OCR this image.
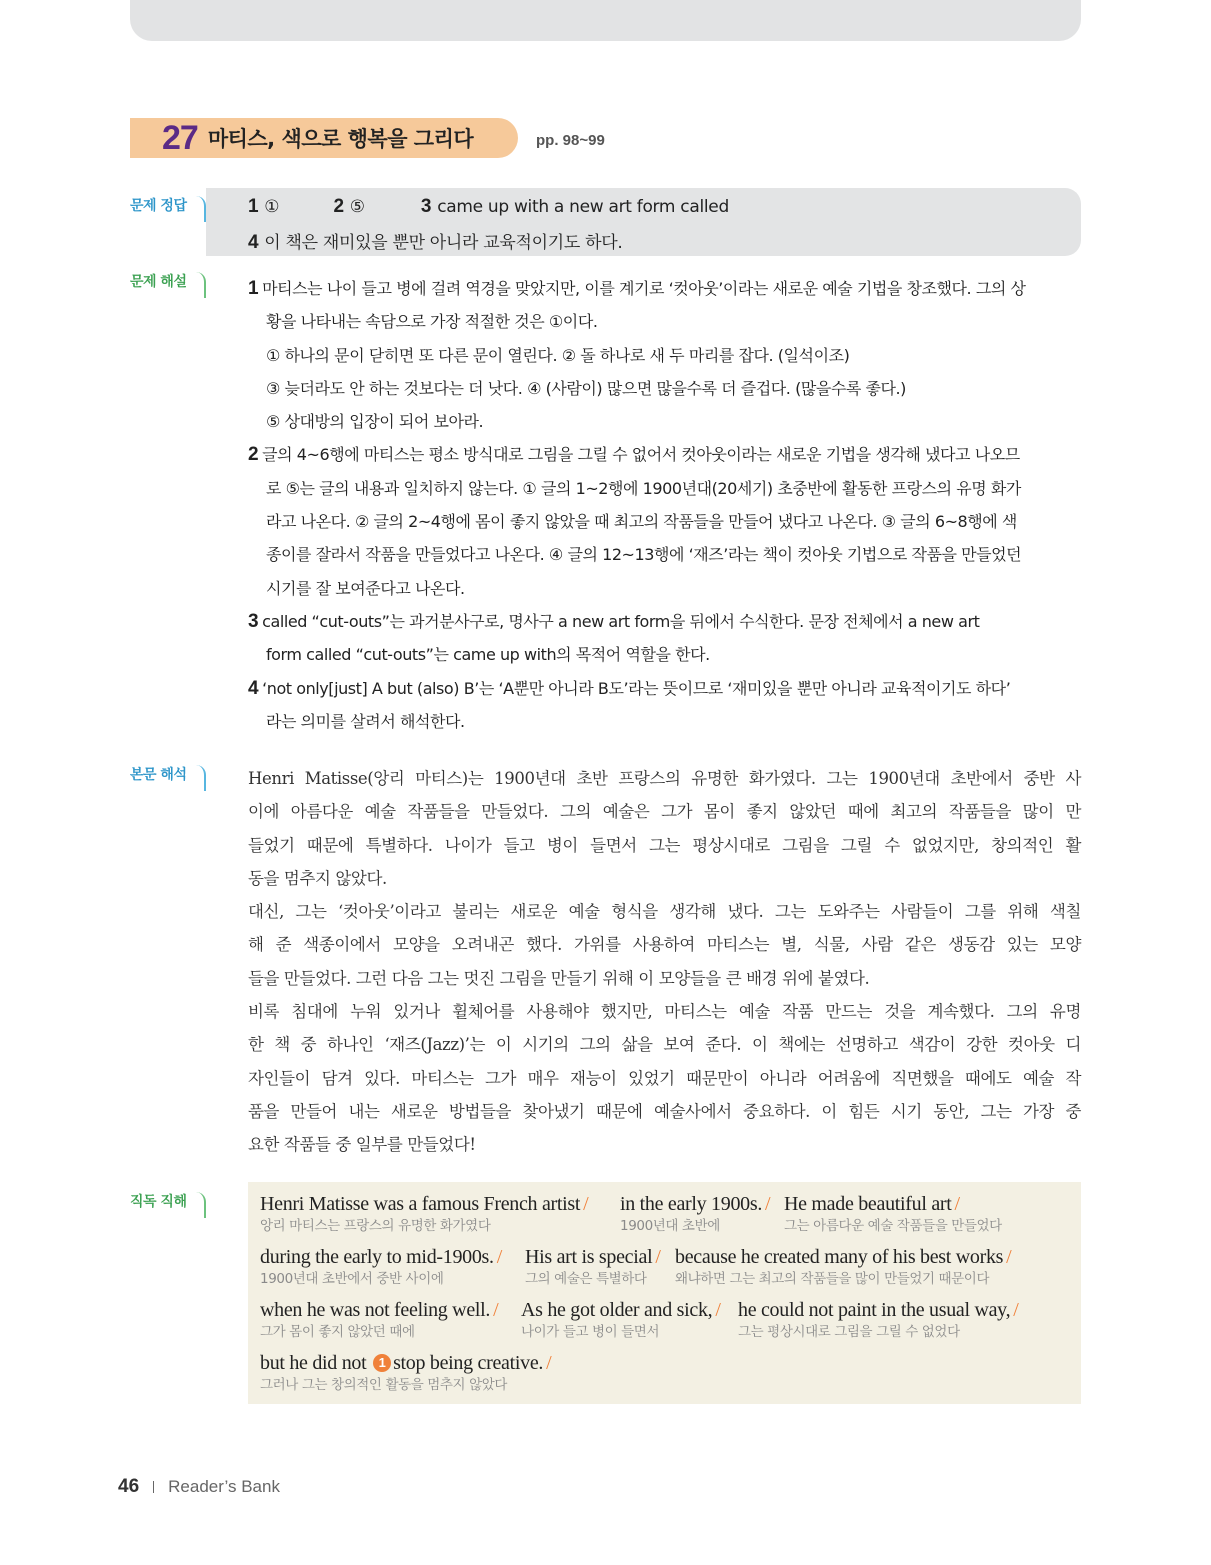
27 마티스, 색으로 행복을 그리다	pp. 98~99
문제 정답	1 ①	2 ⑤	3 came up with a new art form called
4 이 책은 재미있을 뿐만 아니라 교육적이기도 하다.
문제 해설	1 마티스는 나이 들고 병에 걸려 역경을 맞았지만, 이를 계기로 ‘컷아웃’이라는 새로운 예술 기법을 창조했다. 그의 상
황을 나타내는 속담으로 가장 적절한 것은 ①이다.
① 하나의 문이 닫히면 또 다른 문이 열린다. ② 돌 하나로 새 두 마리를 잡다. (일석이조)
③ 늦더라도 안 하는 것보다는 더 낫다. ④ (사람이) 많으면 많을수록 더 즐겁다. (많을수록 좋다.)
⑤ 상대방의 입장이 되어 보아라.
2 글의 4~6행에 마티스는 평소 방식대로 그림을 그릴 수 없어서 컷아웃이라는 새로운 기법을 생각해 냈다고 나오므
로 ⑤는 글의 내용과 일치하지 않는다. ① 글의 1~2행에 1900년대(20세기) 초중반에 활동한 프랑스의 유명 화가
라고 나온다. ② 글의 2~4행에 몸이 좋지 않았을 때 최고의 작품들을 만들어 냈다고 나온다. ③ 글의 6~8행에 색
종이를 잘라서 작품을 만들었다고 나온다. ④ 글의 12~13행에 ‘재즈’라는 책이 컷아웃 기법으로 작품을 만들었던
시기를 잘 보여준다고 나온다.
3 called “cut-outs”는 과거분사구로, 명사구 a new art form을 뒤에서 수식한다. 문장 전체에서 a new art
form called “cut-outs”는 came up with의 목적어 역할을 한다.
4 ‘not only[just] A but (also) B’는 ‘A뿐만 아니라 B도’라는 뜻이므로 ‘재미있을 뿐만 아니라 교육적이기도 하다’
라는 의미를 살려서 해석한다.
본문 해석	Henri Matisse(앙리 마티스)는 1900년대 초반 프랑스의 유명한 화가였다. 그는 1900년대 초반에서 중반 사
이에 아름다운 예술 작품들을 만들었다. 그의 예술은 그가 몸이 좋지 않았던 때에 최고의 작품들을 많이 만
들었기 때문에 특별하다. 나이가 들고 병이 들면서 그는 평상시대로 그림을 그릴 수 없었지만, 창의적인 활
동을 멈추지 않았다.
대신, 그는 ‘컷아웃’이라고 불리는 새로운 예술 형식을 생각해 냈다. 그는 도와주는 사람들이 그를 위해 색칠
해 준 색종이에서 모양을 오려내곤 했다. 가위를 사용하여 마티스는 별, 식물, 사람 같은 생동감 있는 모양
들을 만들었다. 그런 다음 그는 멋진 그림을 만들기 위해 이 모양들을 큰 배경 위에 붙였다.
비록 침대에 누워 있거나 휠체어를 사용해야 했지만, 마티스는 예술 작품 만드는 것을 계속했다. 그의 유명
한 책 중 하나인 ‘재즈(Jazz)’는 이 시기의 그의 삶을 보여 준다. 이 책에는 선명하고 색감이 강한 컷아웃 디
자인들이 담겨 있다. 마티스는 그가 매우 재능이 있었기 때문만이 아니라 어려움에 직면했을 때에도 예술 작
품을 만들어 내는 새로운 방법들을 찾아냈기 때문에 예술사에서 중요하다. 이 힘든 시기 동안, 그는 가장 중
요한 작품들 중 일부를 만들었다!
직독 직해	Henri Matisse was a famous French artist /
앙리 마티스는 프랑스의 유명한 화가였다
in the early 1900s. /
1900년대 초반에
He made beautiful art /
그는 아름다운 예술 작품들을 만들었다
during the early to mid-1900s. /
1900년대 초반에서 중반 사이에
His art is special /
그의 예술은 특별하다
because he created many of his best works /
왜냐하면 그는 최고의 작품들을 많이 만들었기 때문이다
when he was not feeling well. /
그가 몸이 좋지 않았던 때에
As he got older and sick, /
나이가 들고 병이 들면서
he could not paint in the usual way, /
그는 평상시대로 그림을 그릴 수 없었다
but he did not 1 stop being creative. /
그러나 그는 창의적인 활동을 멈추지 않았다
46 Reader’s Bank
